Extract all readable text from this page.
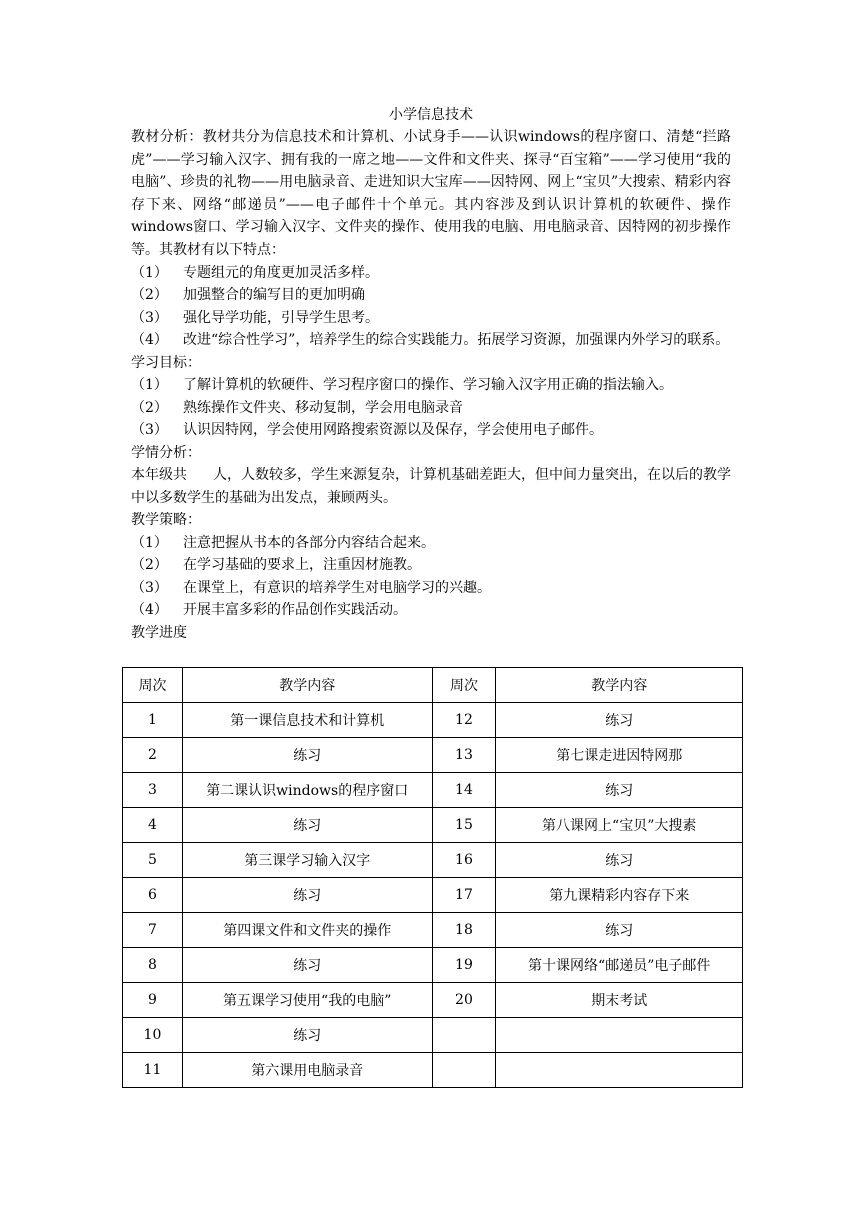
小学信息技术
教材分析：教材共分为信息技术和计算机、小试身手——认识windows的程序窗口、清楚“拦路虎”——学习输入汉字、拥有我的一席之地——文件和文件夹、探寻“百宝箱”——学习使用“我的电脑”、珍贵的礼物——用电脑录音、走进知识大宝库——因特网、网上“宝贝”大搜索、精彩内容存下来、网络“邮递员”——电子邮件十个单元。其内容涉及到认识计算机的软硬件、操作windows窗口、学习输入汉字、文件夹的操作、使用我的电脑、用电脑录音、因特网的初步操作等。其教材有以下特点：
（1）	专题组元的角度更加灵活多样。
（2）	加强整合的编写目的更加明确
（3）	强化导学功能，引导学生思考。
（4）	改进“综合性学习”，培养学生的综合实践能力。拓展学习资源，加强课内外学习的联系。
学习目标：
（1）	了解计算机的软硬件、学习程序窗口的操作、学习输入汉字用正确的指法输入。
（2）	熟练操作文件夹、移动复制，学会用电脑录音
（3）	认识因特网，学会使用网路搜索资源以及保存，学会使用电子邮件。
学情分析：
本年级共 人，人数较多，学生来源复杂，计算机基础差距大，但中间力量突出，在以后的教学中以多数学生的基础为出发点，兼顾两头。
教学策略：
（1）	注意把握从书本的各部分内容结合起来。
（2）	在学习基础的要求上，注重因材施教。
（3）	在课堂上，有意识的培养学生对电脑学习的兴趣。
（4）	开展丰富多彩的作品创作实践活动。
教学进度
周次	教学内容	周次	教学内容
1	第一课信息技术和计算机	12	练习
2	练习	13	第七课走进因特网那
3	第二课认识windows的程序窗口	14	练习
4	练习	15	第八课网上“宝贝”大搜素
5	第三课学习输入汉字	16	练习
6	练习	17	第九课精彩内容存下来
7	第四课文件和文件夹的操作	18	练习
8	练习	19	第十课网络“邮递员”电子邮件
9	第五课学习使用“我的电脑”	20	期末考试
10	练习		
11	第六课用电脑录音		
